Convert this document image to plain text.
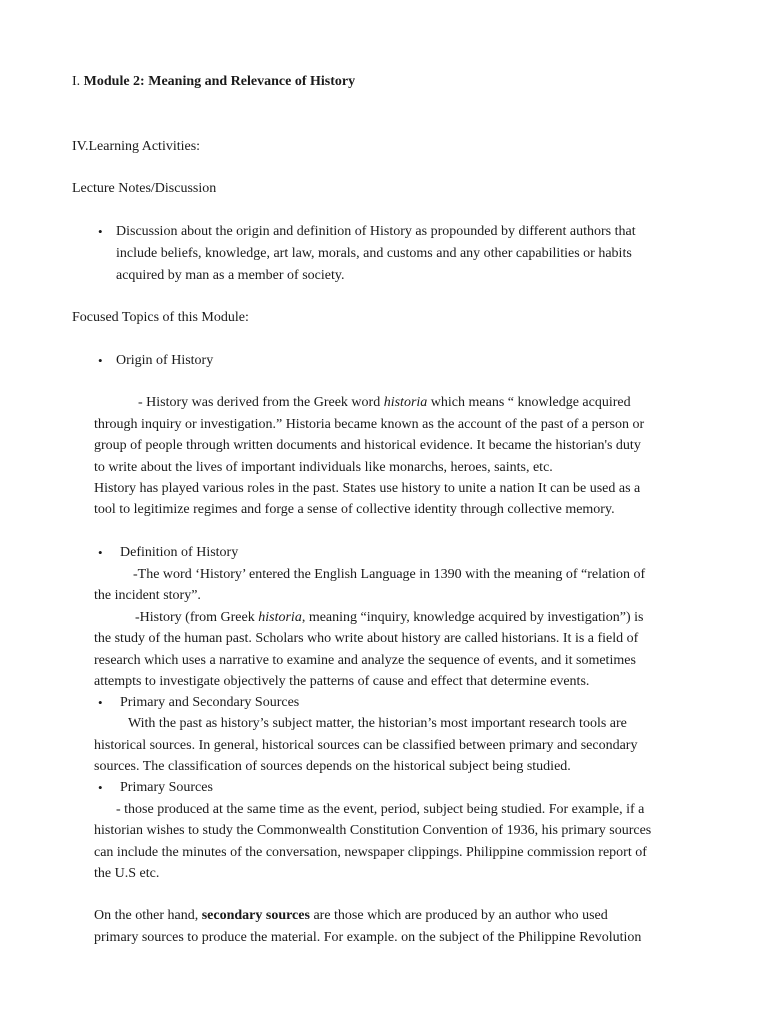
I. Module 2: Meaning and Relevance of History
IV.Learning Activities:
Lecture Notes/Discussion
• Discussion about the origin and definition of History as propounded by different authors that
include beliefs, knowledge, art law, morals, and customs and any other capabilities or habits
acquired by man as a member of society.
Focused Topics of this Module:
• Origin of History
- History was derived from the Greek word historia which means “ knowledge acquired
through inquiry or investigation.” Historia became known as the account of the past of a person or
group of people through written documents and historical evidence. It became the historian's duty
to write about the lives of important individuals like monarchs, heroes, saints, etc.
History has played various roles in the past. States use history to unite a nation It can be used as a
tool to legitimize regimes and forge a sense of collective identity through collective memory.
• Definition of History
-The word ‘History’ entered the English Language in 1390 with the meaning of “relation of
the incident story”.
-History (from Greek historia, meaning “inquiry, knowledge acquired by investigation”) is
the study of the human past. Scholars who write about history are called historians. It is a field of
research which uses a narrative to examine and analyze the sequence of events, and it sometimes
attempts to investigate objectively the patterns of cause and effect that determine events.
• Primary and Secondary Sources
With the past as history’s subject matter, the historian’s most important research tools are
historical sources. In general, historical sources can be classified between primary and secondary
sources. The classification of sources depends on the historical subject being studied.
• Primary Sources
- those produced at the same time as the event, period, subject being studied. For example, if a
historian wishes to study the Commonwealth Constitution Convention of 1936, his primary sources
can include the minutes of the conversation, newspaper clippings. Philippine commission report of
the U.S etc.
On the other hand, secondary sources are those which are produced by an author who used
primary sources to produce the material. For example. on the subject of the Philippine Revolution
